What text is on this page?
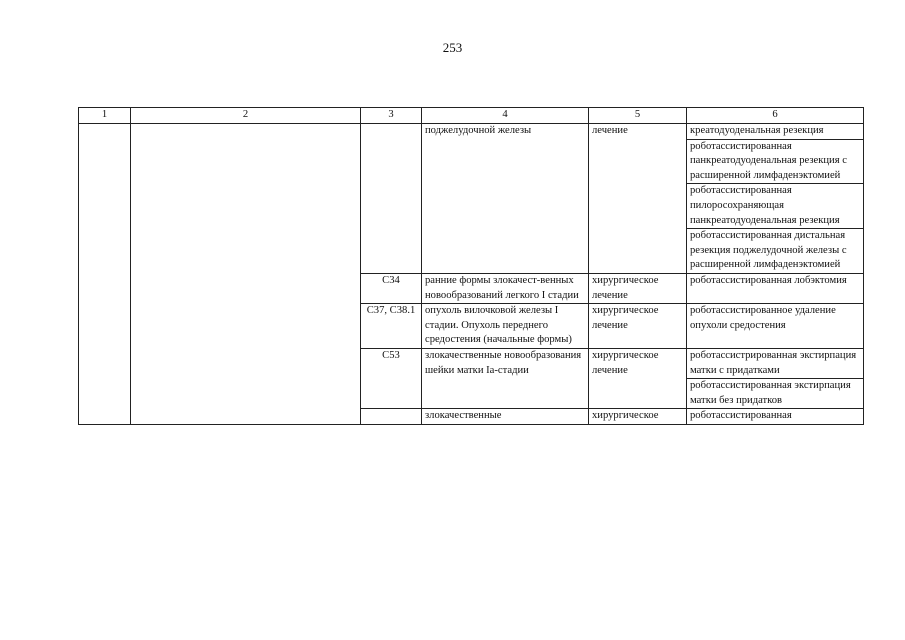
253
1	2	3	4	5	6
			поджелудочной железы	лечение	креатодуоденальная резекция
					роботассистированная панкреатодуоденальная резекция с расширенной лимфаденэктомией
					роботассистированная пилоросохраняющая панкреатодуоденальная резекция
					роботассистированная дистальная резекция поджелудочной железы с расширенной лимфаденэктомией
		C34	ранние формы злокачест-венных новообразований легкого I стадии	хирургическое лечение	роботассистированная лобэктомия
		C37, C38.1	опухоль вилочковой железы I стадии. Опухоль переднего средостения (начальные формы)	хирургическое лечение	роботассистированное удаление опухоли средостения
		C53	злокачественные новообразования шейки матки Ia-стадии	хирургическое лечение	роботассистрированная экстирпация матки с придатками
					роботассистированная экстирпация матки без придатков
			злокачественные	хирургическое	роботассистированная
